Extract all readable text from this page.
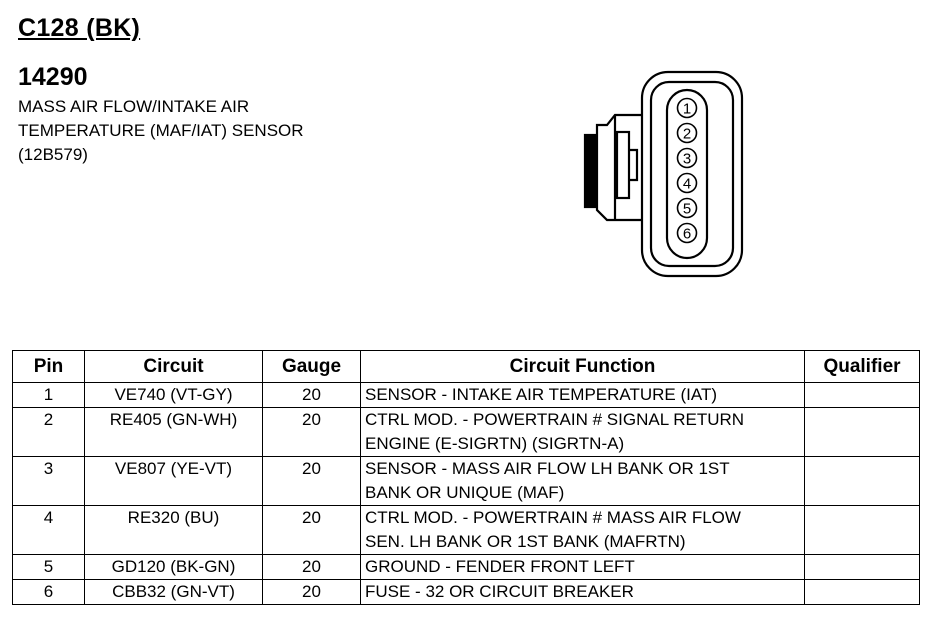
C128 (BK)
14290
MASS AIR FLOW/INTAKE AIR
TEMPERATURE (MAF/IAT) SENSOR
(12B579)
1
2
3
4
5
6
Pin	Circuit	Gauge	Circuit Function	Qualifier
1	VE740 (VT-GY)	20	SENSOR - INTAKE AIR TEMPERATURE (IAT)	

2	RE405 (GN-WH)	20	CTRL MOD. - POWERTRAIN # SIGNAL RETURN
ENGINE (E-SIGRTN) (SIGRTN-A)	

3	VE807 (YE-VT)	20	SENSOR - MASS AIR FLOW LH BANK OR 1ST
BANK OR UNIQUE (MAF)	

4	RE320 (BU)	20	CTRL MOD. - POWERTRAIN # MASS AIR FLOW
SEN. LH BANK OR 1ST BANK (MAFRTN)	

5	GD120 (BK-GN)	20	GROUND - FENDER FRONT LEFT	

6	CBB32 (GN-VT)	20	FUSE - 32 OR CIRCUIT BREAKER	
